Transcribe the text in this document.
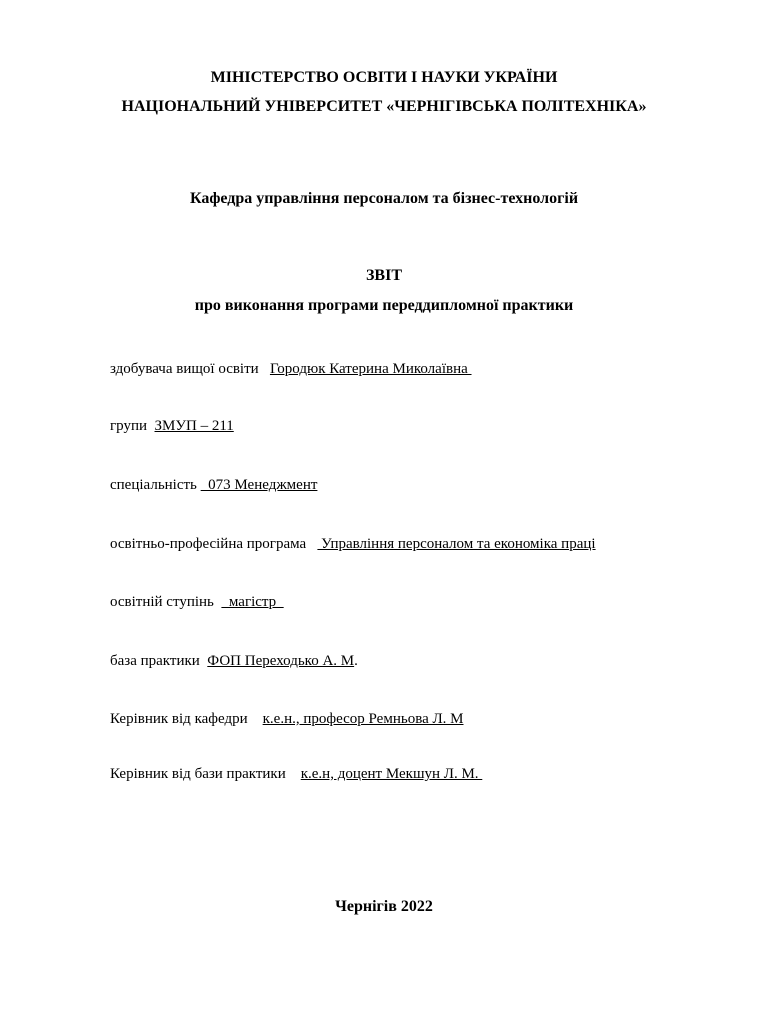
МІНІСТЕРСТВО ОСВІТИ І НАУКИ УКРАЇНИ
НАЦІОНАЛЬНИЙ УНІВЕРСИТЕТ «ЧЕРНІГІВСЬКА ПОЛІТЕХНІКА»
Кафедра управління персоналом та бізнес-технологій
ЗВІТ
про виконання програми переддипломної практики
здобувача вищої освіти Городюк Катерина Миколаївна
групи ЗМУП – 211
спеціальність   073 Менеджмент
освітньо-професійна програма    Управління персоналом та економіка праці
освітній ступінь    магістр
база практики ФОП Переходько А. М.
Керівник від кафедри к.е.н., професор Ремньова Л. М
Керівник від бази практики к.е.н, доцент Мекшун Л. М.
Чернігів 2022
